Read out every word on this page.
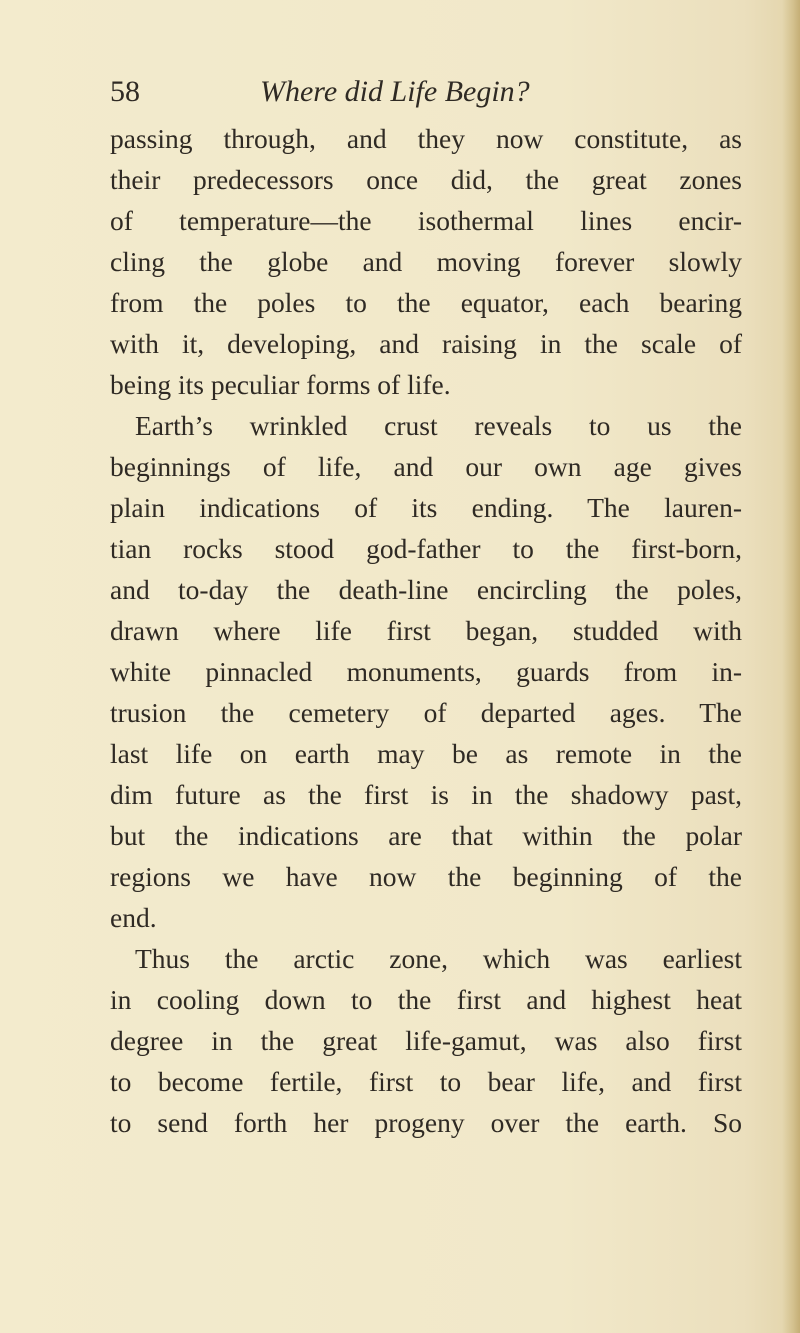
58	Where did Life Begin?
passing through, and they now constitute, as
their predecessors once did, the great zones
of temperature—the isothermal lines encir-
cling the globe and moving forever slowly
from the poles to the equator, each bearing
with it, developing, and raising in the scale of
being its peculiar forms of life.
Earth’s wrinkled crust reveals to us the
beginnings of life, and our own age gives
plain indications of its ending. The lauren-
tian rocks stood god-father to the first-born,
and to-day the death-line encircling the poles,
drawn where life first began, studded with
white pinnacled monuments, guards from in-
trusion the cemetery of departed ages. The
last life on earth may be as remote in the
dim future as the first is in the shadowy past,
but the indications are that within the polar
regions we have now the beginning of the
end.
Thus the arctic zone, which was earliest
in cooling down to the first and highest heat
degree in the great life-gamut, was also first
to become fertile, first to bear life, and first
to send forth her progeny over the earth. So
